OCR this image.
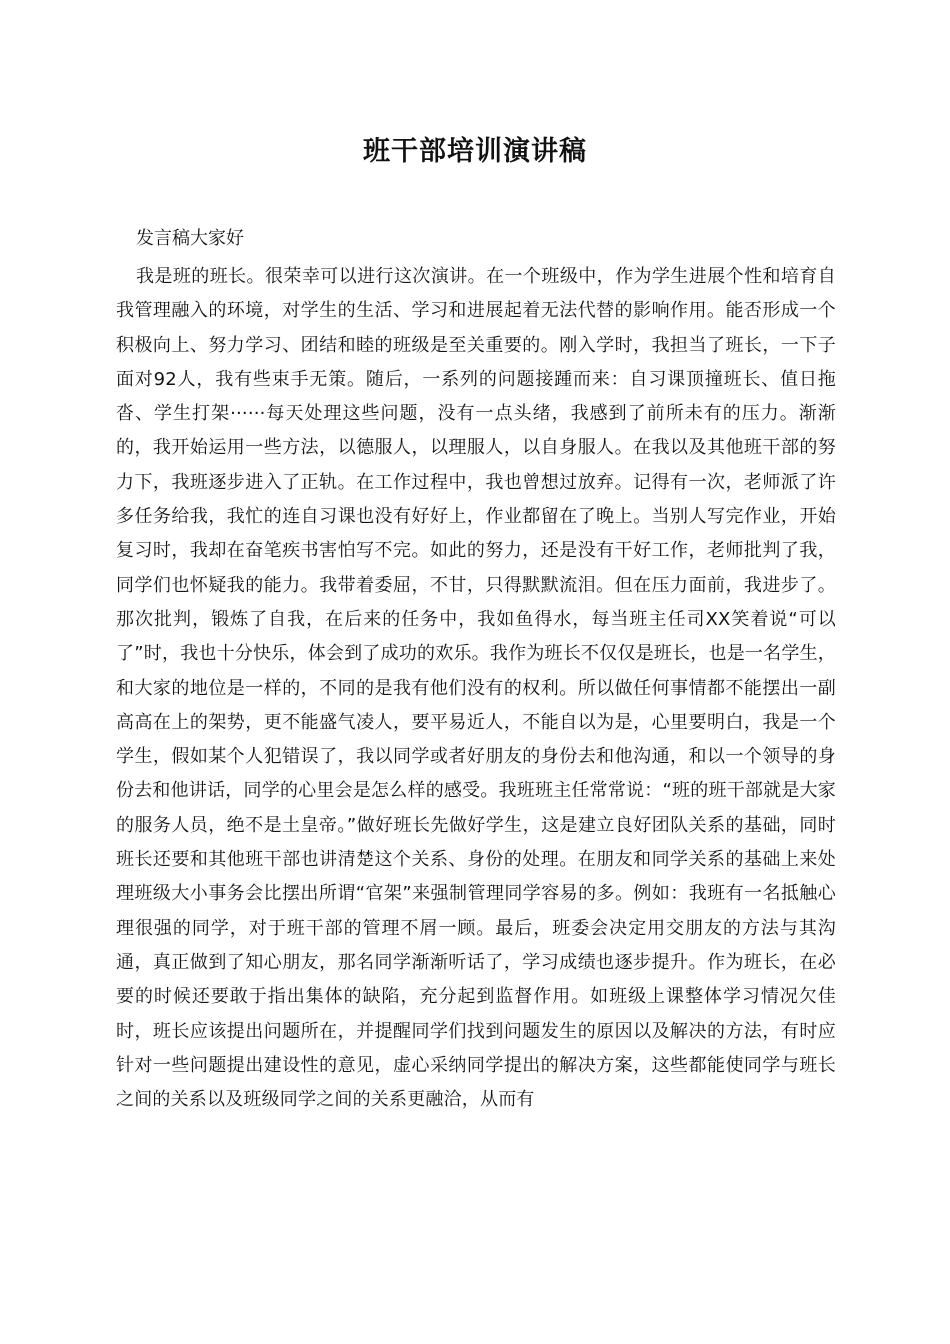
班干部培训演讲稿
发言稿大家好
我是班的班长。很荣幸可以进行这次演讲。在一个班级中，作为学生进展个性和培育自我管理融入的环境，对学生的生活、学习和进展起着无法代替的影响作用。能否形成一个积极向上、努力学习、团结和睦的班级是至关重要的。刚入学时，我担当了班长，一下子面对92人，我有些束手无策。随后，一系列的问题接踵而来：自习课顶撞班长、值日拖沓、学生打架······每天处理这些问题，没有一点头绪，我感到了前所未有的压力。渐渐的，我开始运用一些方法，以德服人，以理服人，以自身服人。在我以及其他班干部的努力下，我班逐步进入了正轨。在工作过程中，我也曾想过放弃。记得有一次，老师派了许多任务给我，我忙的连自习课也没有好好上，作业都留在了晚上。当别人写完作业，开始复习时，我却在奋笔疾书害怕写不完。如此的努力，还是没有干好工作，老师批判了我，同学们也怀疑我的能力。我带着委屈，不甘，只得默默流泪。但在压力面前，我进步了。那次批判，锻炼了自我，在后来的任务中，我如鱼得水，每当班主任司XX笑着说“可以了”时，我也十分快乐，体会到了成功的欢乐。我作为班长不仅仅是班长，也是一名学生，和大家的地位是一样的，不同的是我有他们没有的权利。所以做任何事情都不能摆出一副高高在上的架势，更不能盛气凌人，要平易近人，不能自以为是，心里要明白，我是一个学生，假如某个人犯错误了，我以同学或者好朋友的身份去和他沟通，和以一个领导的身份去和他讲话，同学的心里会是怎么样的感受。我班班主任常常说：“班的班干部就是大家的服务人员，绝不是土皇帝。”做好班长先做好学生，这是建立良好团队关系的基础，同时班长还要和其他班干部也讲清楚这个关系、身份的处理。在朋友和同学关系的基础上来处理班级大小事务会比摆出所谓“官架”来强制管理同学容易的多。例如：我班有一名抵触心理很强的同学，对于班干部的管理不屑一顾。最后，班委会决定用交朋友的方法与其沟通，真正做到了知心朋友，那名同学渐渐听话了，学习成绩也逐步提升。作为班长，在必要的时候还要敢于指出集体的缺陷，充分起到监督作用。如班级上课整体学习情况欠佳时，班长应该提出问题所在，并提醒同学们找到问题发生的原因以及解决的方法，有时应针对一些问题提出建设性的意见，虚心采纳同学提出的解决方案，这些都能使同学与班长之间的关系以及班级同学之间的关系更融洽，从而有
